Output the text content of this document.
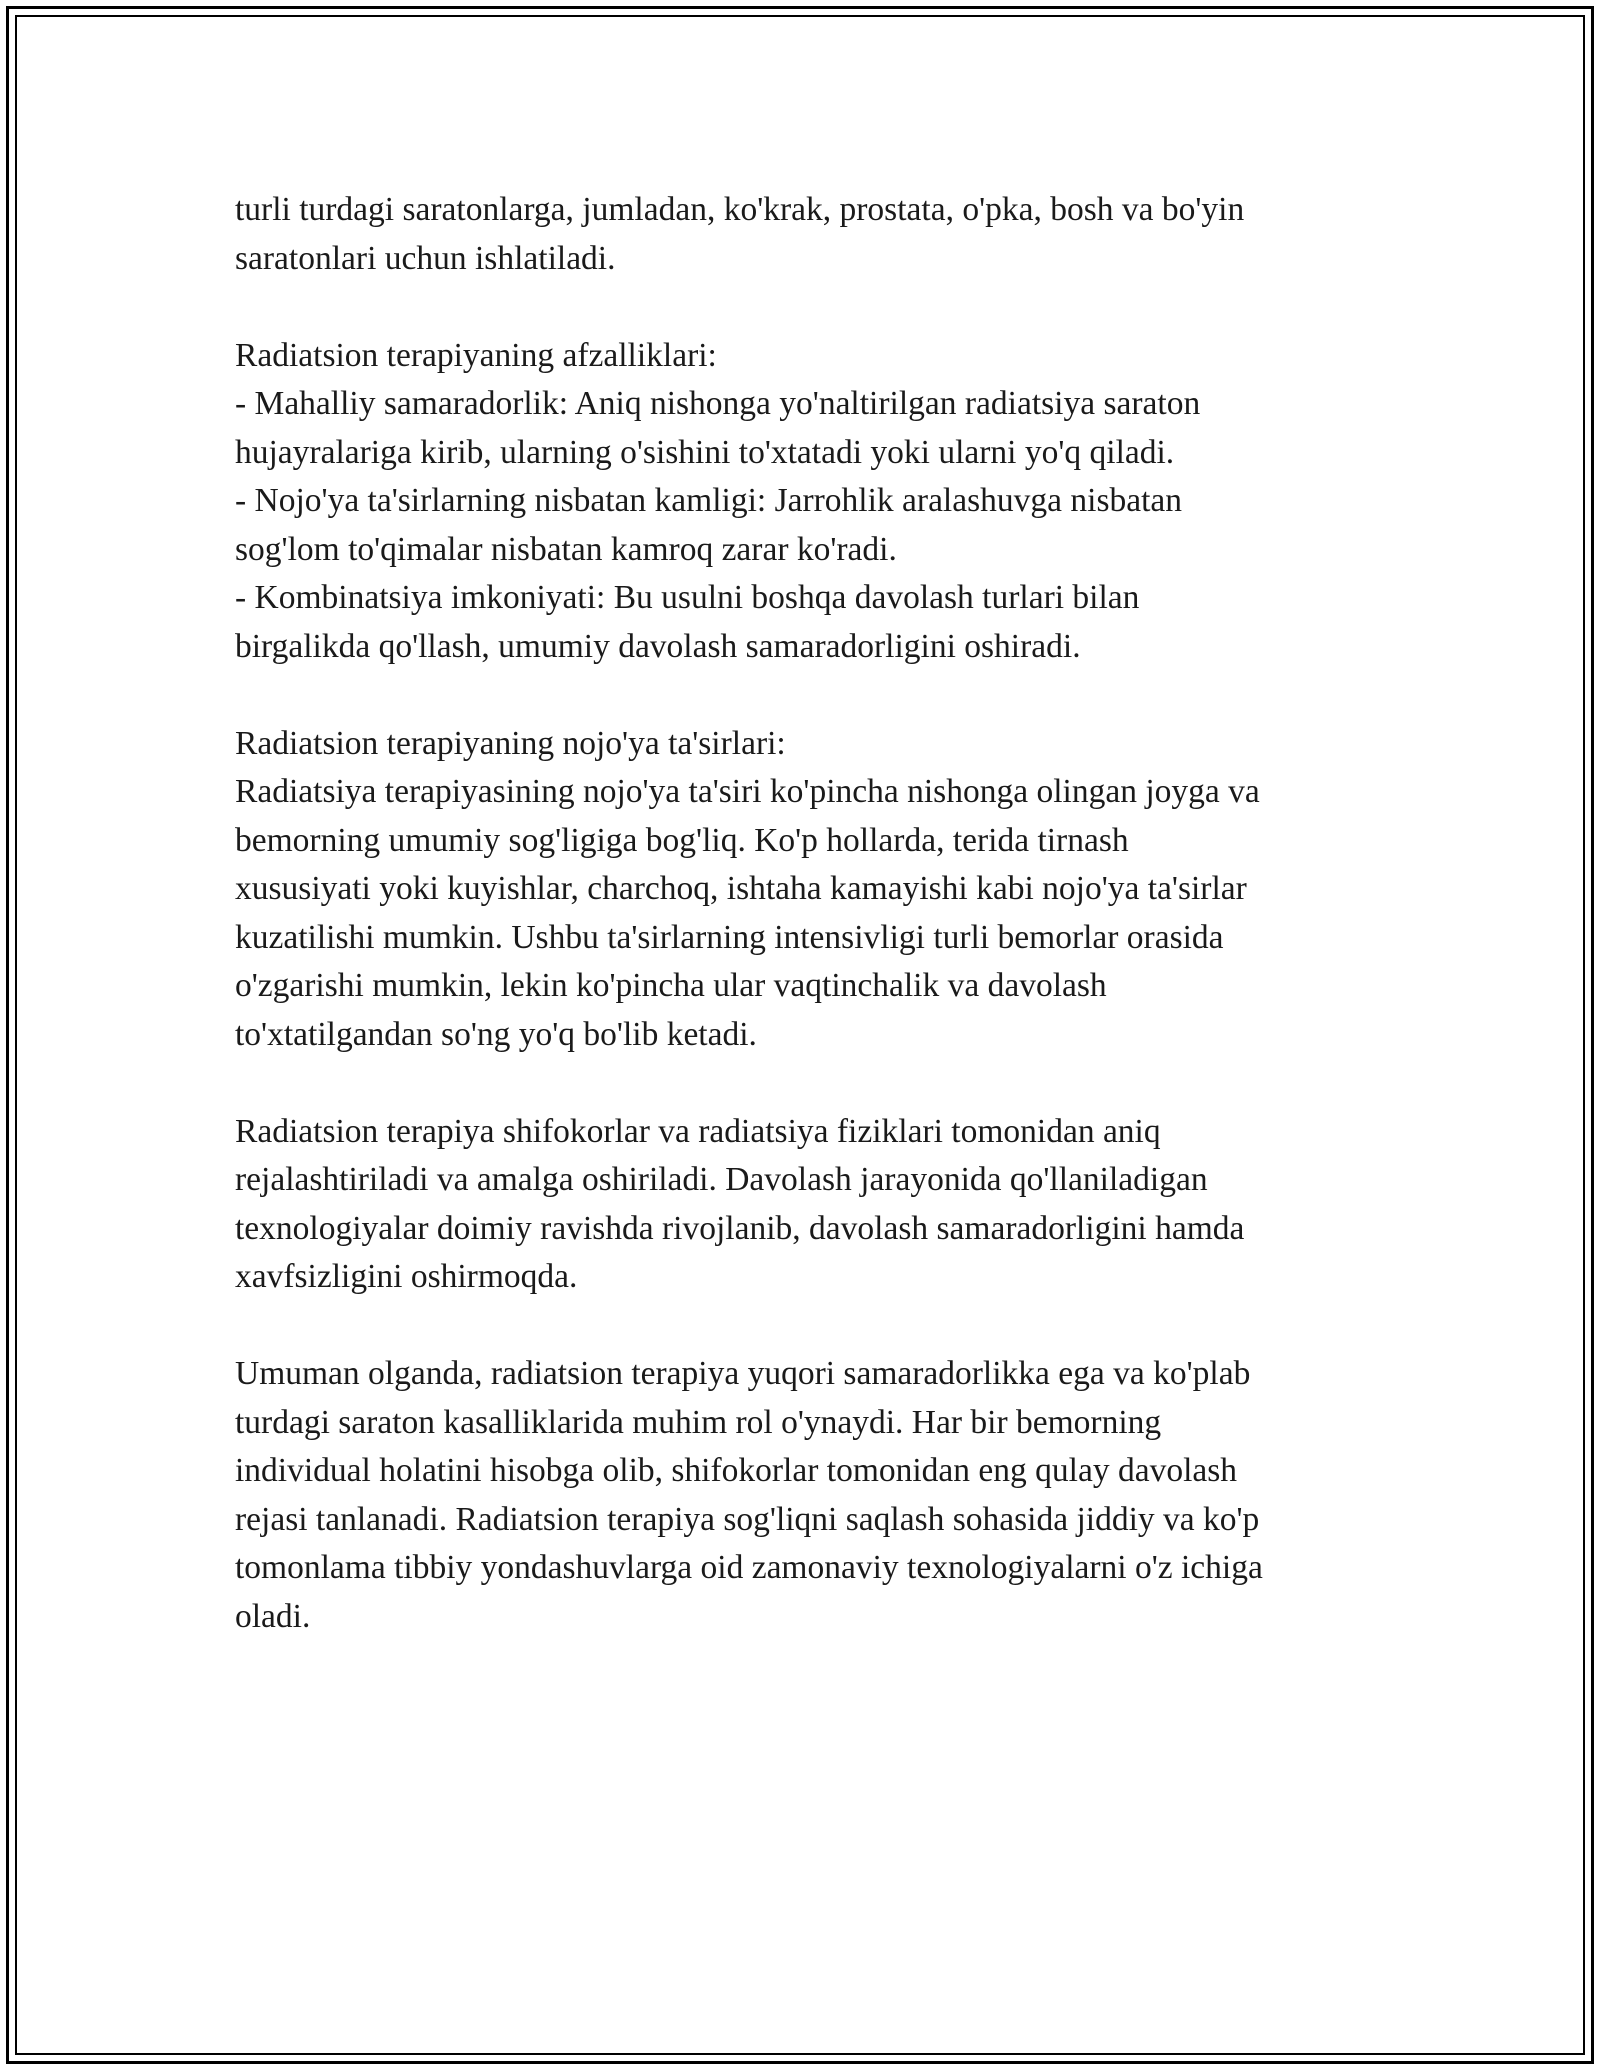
turli turdagi saratonlarga, jumladan, ko'krak, prostata, o'pka, bosh va bo'yin
saratonlari uchun ishlatiladi.

Radiatsion terapiyaning afzalliklari:
- Mahalliy samaradorlik: Aniq nishonga yo'naltirilgan radiatsiya saraton
hujayralariga kirib, ularning o'sishini to'xtatadi yoki ularni yo'q qiladi.
- Nojo'ya ta'sirlarning nisbatan kamligi: Jarrohlik aralashuvga nisbatan
sog'lom to'qimalar nisbatan kamroq zarar ko'radi.
- Kombinatsiya imkoniyati: Bu usulni boshqa davolash turlari bilan
birgalikda qo'llash, umumiy davolash samaradorligini oshiradi.

Radiatsion terapiyaning nojo'ya ta'sirlari:
Radiatsiya terapiyasining nojo'ya ta'siri ko'pincha nishonga olingan joyga va
bemorning umumiy sog'ligiga bog'liq. Ko'p hollarda, terida tirnash
xususiyati yoki kuyishlar, charchoq, ishtaha kamayishi kabi nojo'ya ta'sirlar
kuzatilishi mumkin. Ushbu ta'sirlarning intensivligi turli bemorlar orasida
o'zgarishi mumkin, lekin ko'pincha ular vaqtinchalik va davolash
to'xtatilgandan so'ng yo'q bo'lib ketadi.

Radiatsion terapiya shifokorlar va radiatsiya fiziklari tomonidan aniq
rejalashtiriladi va amalga oshiriladi. Davolash jarayonida qo'llaniladigan
texnologiyalar doimiy ravishda rivojlanib, davolash samaradorligini hamda
xavfsizligini oshirmoqda.

Umuman olganda, radiatsion terapiya yuqori samaradorlikka ega va ko'plab
turdagi saraton kasalliklarida muhim rol o'ynaydi. Har bir bemorning
individual holatini hisobga olib, shifokorlar tomonidan eng qulay davolash
rejasi tanlanadi. Radiatsion terapiya sog'liqni saqlash sohasida jiddiy va ko'p
tomonlama tibbiy yondashuvlarga oid zamonaviy texnologiyalarni o'z ichiga
oladi.
